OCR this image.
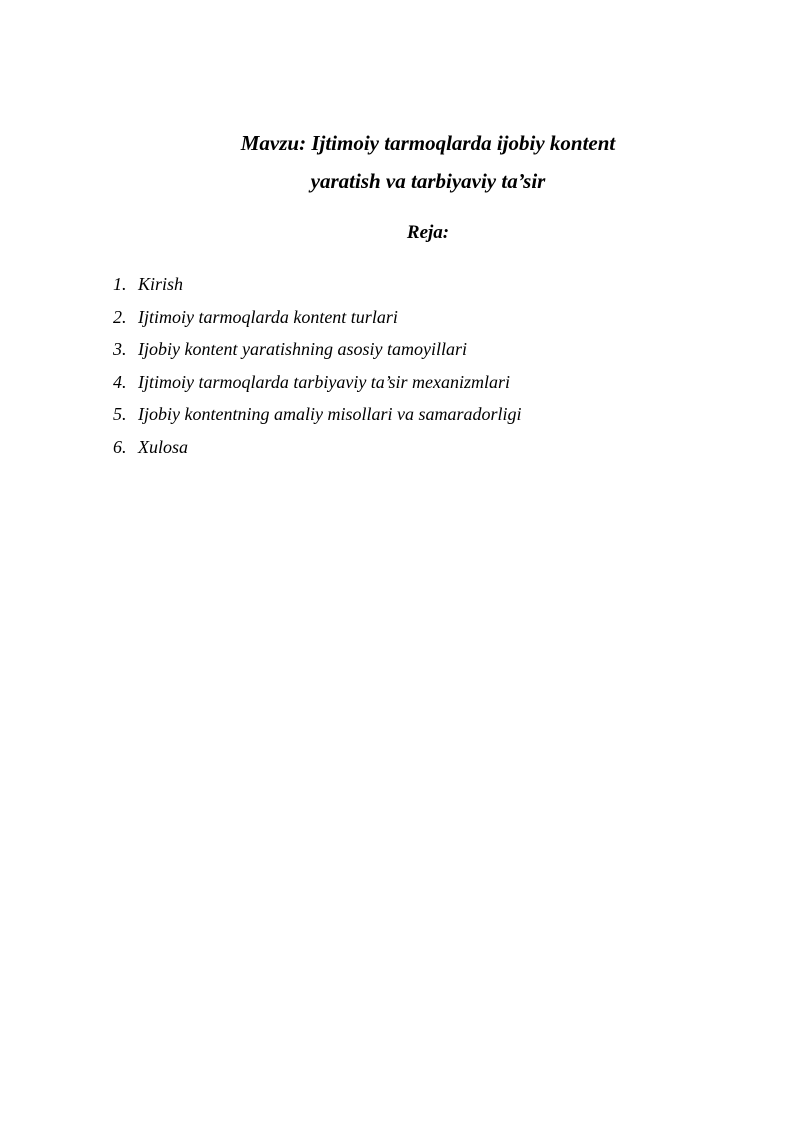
Mavzu: Ijtimoiy tarmoqlarda ijobiy kontent
yaratish va tarbiyaviy ta’sir
Reja:
1. Kirish
2. Ijtimoiy tarmoqlarda kontent turlari
3. Ijobiy kontent yaratishning asosiy tamoyillari
4. Ijtimoiy tarmoqlarda tarbiyaviy ta’sir mexanizmlari
5. Ijobiy kontentning amaliy misollari va samaradorligi
6. Xulosa
